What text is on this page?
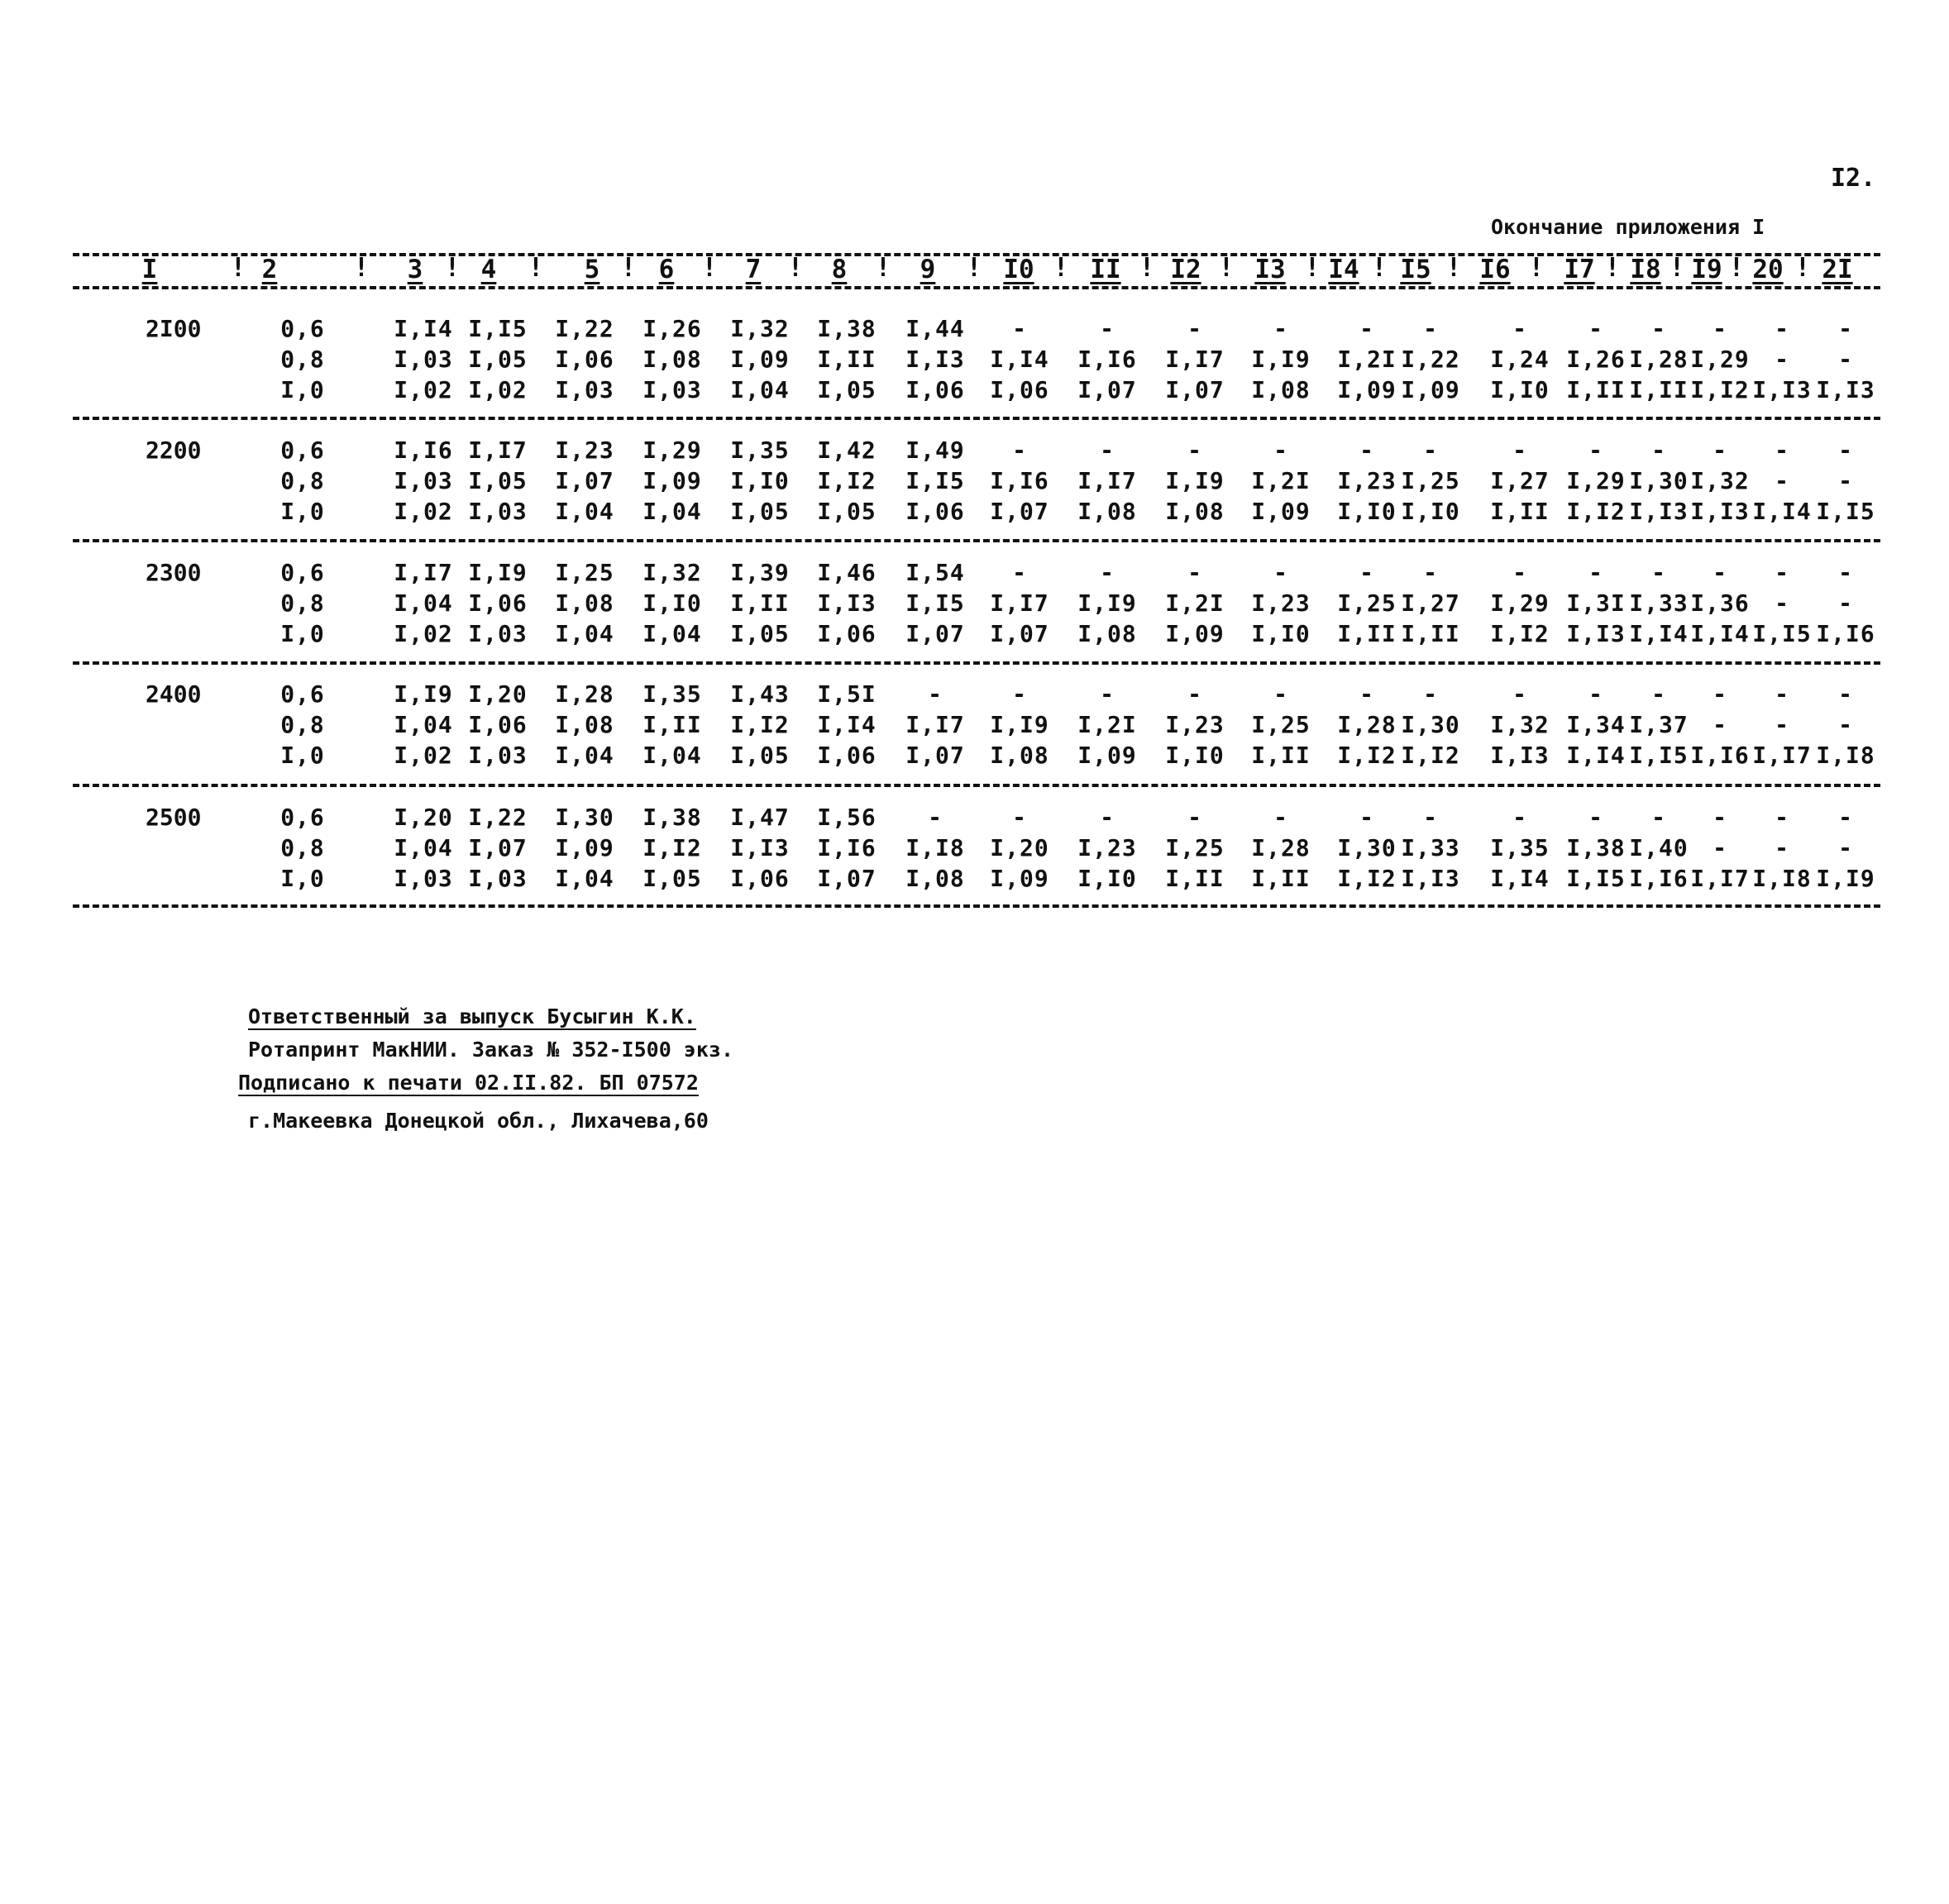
I2.
Окончание приложения I
I	2	3 4	5 6	7	8	9	I0 II I2 I3 I4 I5 I6 I7 I8 I9 20 2I
!	!	!	!	!	!	!	!	!	!	! !	! ! !	! ! ! ! !
2I00	0,6	I,I4 I,I5 I,22 I,26 I,32 I,38 I,44 -	-	-	-	- -	-	- - - - -
0,8	I,03 I,05 I,06 I,08 I,09 I,II I,I3 I,I4 I,I6 I,I7 I,I9 I,2I I,22 I,24 I,26 I,28 I,29 - -
I,0	I,02 I,02 I,03 I,03 I,04 I,05 I,06 I,06 I,07 I,07 I,08 I,09 I,09 I,I0 I,II I,II I,I2 I,I3 I,I3
2200	0,6	I,I6 I,I7 I,23 I,29 I,35 I,42 I,49 -	-	-	-	- -	-	- - - - -
0,8	I,03 I,05 I,07 I,09 I,I0 I,I2 I,I5 I,I6 I,I7 I,I9 I,2I I,23 I,25 I,27 I,29 I,30 I,32 - -
I,0	I,02 I,03 I,04 I,04 I,05 I,05 I,06 I,07 I,08 I,08 I,09 I,I0 I,I0 I,II I,I2 I,I3 I,I3 I,I4 I,I5
2300	0,6	I,I7 I,I9 I,25 I,32 I,39 I,46 I,54 -	-	-	-	- -	-	- - - - -
0,8	I,04 I,06 I,08 I,I0 I,II I,I3 I,I5 I,I7 I,I9 I,2I I,23 I,25 I,27 I,29 I,3I I,33 I,36 - -
I,0	I,02 I,03 I,04 I,04 I,05 I,06 I,07 I,07 I,08 I,09 I,I0 I,II I,II I,I2 I,I3 I,I4 I,I4 I,I5 I,I6
2400	0,6	I,I9 I,20 I,28 I,35 I,43 I,5I -	-	-	-	-	- -	-	- - - - -
0,8	I,04 I,06 I,08 I,II I,I2 I,I4 I,I7 I,I9 I,2I I,23 I,25 I,28 I,30 I,32 I,34 I,37 - - -
I,0	I,02 I,03 I,04 I,04 I,05 I,06 I,07 I,08 I,09 I,I0 I,II I,I2 I,I2 I,I3 I,I4 I,I5 I,I6 I,I7 I,I8
2500	0,6	I,20 I,22 I,30 I,38 I,47 I,56 -	-	-	-	-	- -	-	- - - - -
0,8	I,04 I,07 I,09 I,I2 I,I3 I,I6 I,I8 I,20 I,23 I,25 I,28 I,30 I,33 I,35 I,38 I,40 - - -
I,0	I,03 I,03 I,04 I,05 I,06 I,07 I,08 I,09 I,I0 I,II I,II I,I2 I,I3 I,I4 I,I5 I,I6 I,I7 I,I8 I,I9
Ответственный за выпуск Бусыгин К.К.
Ротапринт МакНИИ. Заказ № 352-I500 экз.
Подписано к печати 02.II.82. БП 07572
г.Макеевка Донецкой обл., Лихачева,60
